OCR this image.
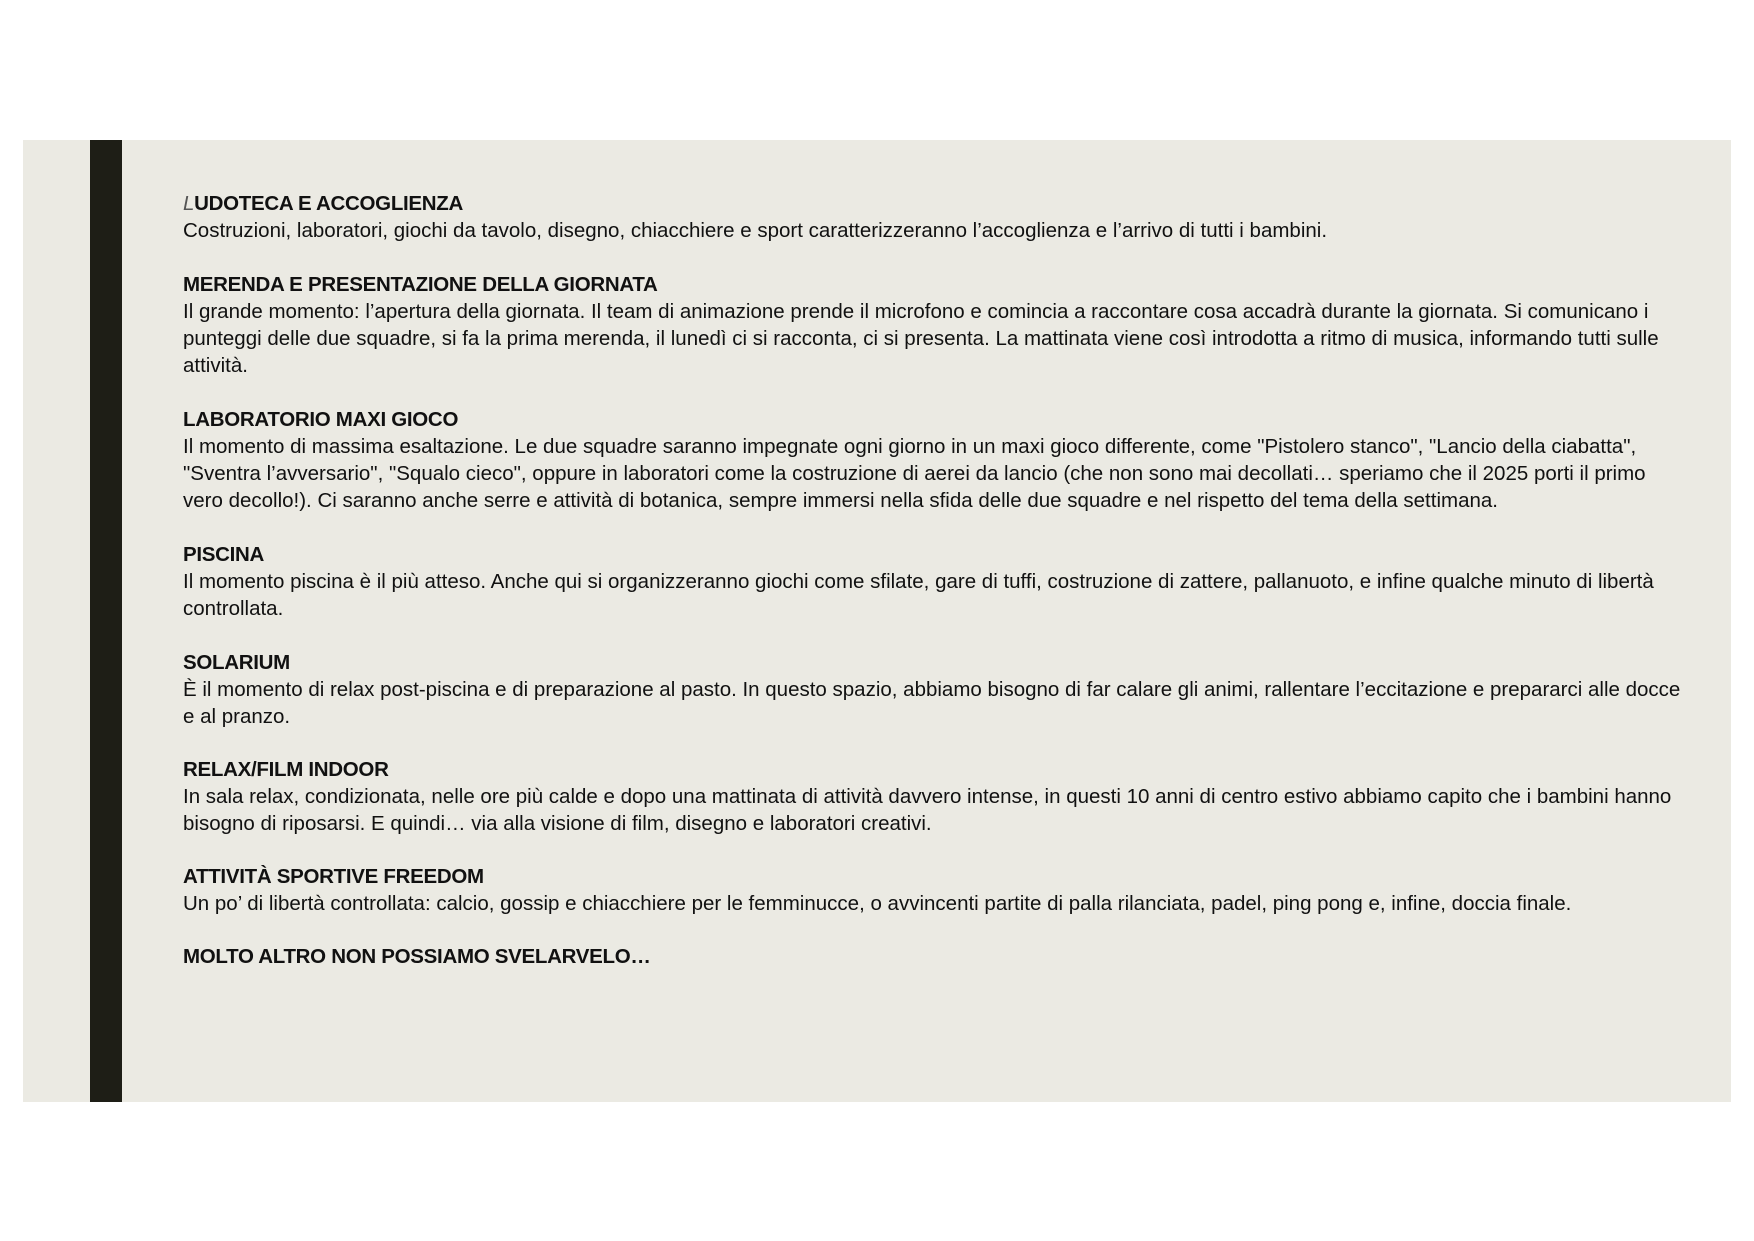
LUDOTECA E ACCOGLIENZA

Costruzioni, laboratori, giochi da tavolo, disegno, chiacchiere e sport caratterizzeranno l’accoglienza e l’arrivo di tutti i bambini.

MERENDA E PRESENTAZIONE DELLA GIORNATA

Il grande momento: l’apertura della giornata. Il team di animazione prende il microfono e comincia a raccontare cosa accadrà durante la giornata. Si comunicano i punteggi delle due squadre, si fa la prima merenda, il lunedì ci si racconta, ci si presenta. La mattinata viene così introdotta a ritmo di musica, informando tutti sulle attività.

LABORATORIO MAXI GIOCO

Il momento di massima esaltazione. Le due squadre saranno impegnate ogni giorno in un maxi gioco differente, come "Pistolero stanco", "Lancio della ciabatta", "Sventra l’avversario", "Squalo cieco", oppure in laboratori come la costruzione di aerei da lancio (che non sono mai decollati… speriamo che il 2025 porti il primo vero decollo!). Ci saranno anche serre e attività di botanica, sempre immersi nella sfida delle due squadre e nel rispetto del tema della settimana.

PISCINA

Il momento piscina è il più atteso. Anche qui si organizzeranno giochi come sfilate, gare di tuffi, costruzione di zattere, pallanuoto, e infine qualche minuto di libertà controllata.

SOLARIUM

È il momento di relax post-piscina e di preparazione al pasto. In questo spazio, abbiamo bisogno di far calare gli animi, rallentare l’eccitazione e prepararci alle docce e al pranzo.

RELAX/FILM INDOOR

In sala relax, condizionata, nelle ore più calde e dopo una mattinata di attività davvero intense, in questi 10 anni di centro estivo abbiamo capito che i bambini hanno bisogno di riposarsi. E quindi… via alla visione di film, disegno e laboratori creativi.

ATTIVITÀ SPORTIVE FREEDOM

Un po’ di libertà controllata: calcio, gossip e chiacchiere per le femminucce, o avvincenti partite di palla rilanciata, padel, ping pong e, infine, doccia finale.

MOLTO ALTRO NON POSSIAMO SVELARVELO…
